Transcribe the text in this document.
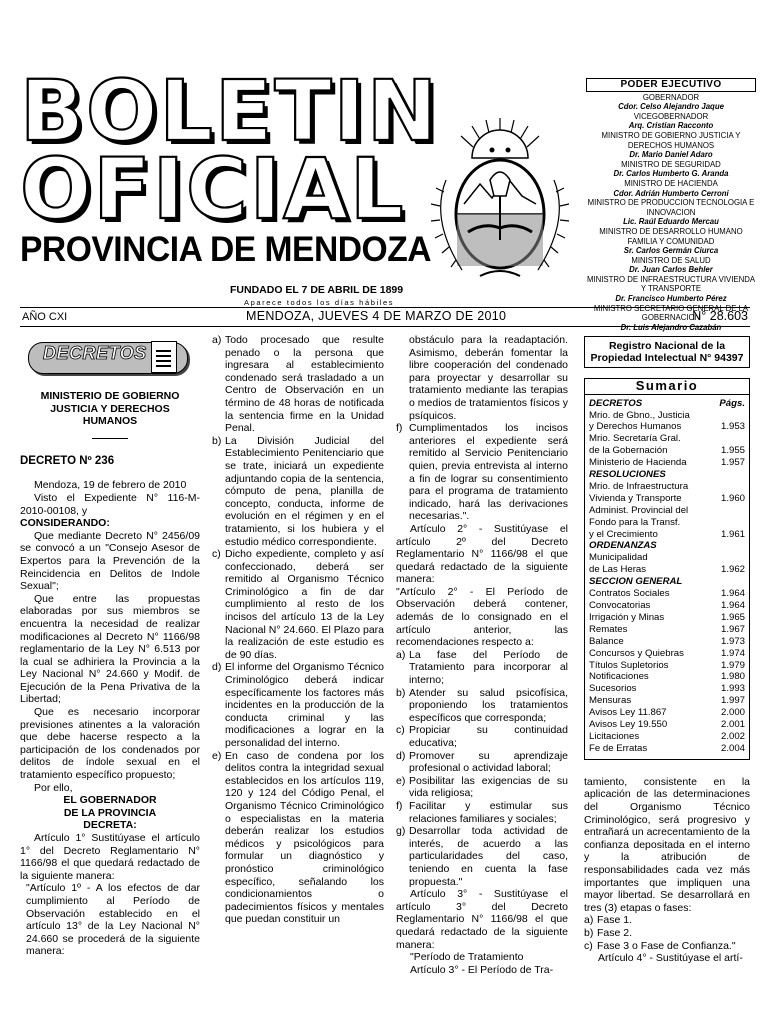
BOLETIN
OFICIAL
PROVINCIA DE MENDOZA
PODER EJECUTIVO
GOBERNADOR
Cdor. Celso Alejandro Jaque
VICEGOBERNADOR
Arq. Cristian Racconto
MINISTRO DE GOBIERNO JUSTICIA Y DERECHOS HUMANOS
Dr. Mario Daniel Adaro
MINISTRO DE SEGURIDAD
Dr. Carlos Humberto G. Aranda
MINISTRO DE HACIENDA
Cdor. Adrián Humberto Cerroni
MINISTRO DE PRODUCCION TECNOLOGIA E INNOVACION
Lic. Raúl Eduardo Mercau
MINISTRO DE DESARROLLO HUMANO FAMILIA Y COMUNIDAD
Sr. Carlos Germán Ciurca
MINISTRO DE SALUD
Dr. Juan Carlos Behler
MINISTRO DE INFRAESTRUCTURA VIVIENDA Y TRANSPORTE
Dr. Francisco Humberto Pérez
MINISTRO SECRETARIO GENERAL DE LA GOBERNACION
Dr. Luis Alejandro Cazabán
FUNDADO EL 7 DE ABRIL DE 1899
Aparece todos los días hábiles
AÑO CXI	MENDOZA, JUEVES 4 DE MARZO DE 2010	N° 28.603
DECRETOS

MINISTERIO DE GOBIERNO JUSTICIA Y DERECHOS HUMANOS

DECRETO Nº 236

Mendoza, 19 de febrero de 2010

Visto el Expediente N° 116-M-2010-00108, y

CONSIDERANDO:

Que mediante Decreto N° 2456/09 se convocó a un "Consejo Asesor de Expertos para la Prevención de la Reincidencia en Delitos de Indole Sexual";

Que entre las propuestas elaboradas por sus miembros se encuentra la necesidad de realizar modificaciones al Decreto N° 1166/98 reglamentario de la Ley N° 6.513 por la cual se adhiriera la Provincia a la Ley Nacional N° 24.660 y Modif. de Ejecución de la Pena Privativa de la Libertad;

Que es necesario incorporar previsiones atinentes a la valoración que debe hacerse respecto a la participación de los condenados por delitos de índole sexual en el tratamiento específico propuesto;

Por ello,

EL GOBERNADOR

DE LA PROVINCIA

DECRETA:

Artículo 1° Sustitúyase el artículo 1° del Decreto Reglamentario N° 1166/98 el que quedará redactado de la siguiente manera:

"Artículo 1º - A los efectos de dar cumplimiento al Período de Observación establecido en el artículo 13° de la Ley Nacional N° 24.660 se procederá de la siguiente manera:

a) Todo procesado que resulte penado o la persona que ingresara al establecimiento condenado será trasladado a un Centro de Observación en un término de 48 horas de notificada la sentencia firme en la Unidad Penal.
b) La División Judicial del Establecimiento Penitenciario que se trate, iniciará un expediente adjuntando copia de la sentencia, cómputo de pena, planilla de concepto, conducta, informe de evolución en el régimen y en el tratamiento, si los hubiera y el estudio médico correspondiente.
c) Dicho expediente, completo y así confeccionado, deberá ser remitido al Organismo Técnico Criminológico a fin de dar cumplimiento al resto de los incisos del artículo 13 de la Ley Nacional N° 24.660. El Plazo para la realización de este estudio es de 90 días.
d) El informe del Organismo Técnico Criminológico deberá indicar específicamente los factores más incidentes en la producción de la conducta criminal y las modificaciones a lograr en la personalidad del interno.
e) En caso de condena por los delitos contra la integridad sexual establecidos en los artículos 119, 120 y 124 del Código Penal, el Organismo Técnico Criminológico o especialistas en la materia deberán realizar los estudios médicos y psicológicos para formular un diagnóstico y pronóstico criminológico específico, señalando los condicionamientos o padecimientos físicos y mentales que puedan constituir un

obstáculo para la readaptación. Asimismo, deberán fomentar la libre cooperación del condenado para proyectar y desarrollar su tratamiento mediante las terapias o medios de tratamientos físicos y psíquicos.

f) Cumplimentados los incisos anteriores el expediente será remitido al Servicio Penitenciario quien, previa entrevista al interno a fin de lograr su consentimiento para el programa de tratamiento indicado, hará las derivaciones necesarias.".

Artículo 2° - Sustitúyase el artículo 2º del Decreto Reglamentario N° 1166/98 el que quedará redactado de la siguiente manera:

"Artículo 2° - El Período de Observación deberá contener, además de lo consignado en el artículo anterior, las recomendaciones respecto a:

a) La fase del Período de Tratamiento para incorporar al interno;
b) Atender su salud psicofísica, proponiendo los tratamientos específicos que corresponda;
c) Propiciar su continuidad educativa;
d) Promover su aprendizaje profesional o actividad laboral;
e) Posibilitar las exigencias de su vida religiosa;
f) Facilitar y estimular sus relaciones familiares y sociales;
g) Desarrollar toda actividad de interés, de acuerdo a las particularidades del caso, teniendo en cuenta la fase propuesta."

Artículo 3° - Sustitúyase el artículo 3° del Decreto Reglamentario N° 1166/98 el que quedará redactado de la siguiente manera:

"Período de Tratamiento

Artículo 3° - El Período de Tra-

Registro Nacional de la Propiedad Intelectual N° 94397
Sumario
DECRETOS	Págs.
Mrio. de Gbno., Justicia
y Derechos Humanos	1.953
Mrio. Secretaría Gral.
de la Gobernación	1.955
Ministerio de Hacienda	1.957
RESOLUCIONES
Mrio. de Infraestructura
Vivienda y Transporte	1.960
Administ. Provincial del
Fondo para la Transf.
y el Crecimiento	1.961
ORDENANZAS
Municipalidad
de Las Heras	1.962
SECCION GENERAL
Contratos Sociales	1.964
Convocatorias	1.964
Irrigación y Minas	1.965
Remates	1.967
Balance	1.973
Concursos y Quiebras	1.974
Títulos Supletorios	1.979
Notificaciones	1.980
Sucesorios	1.993
Mensuras	1.997
Avisos Ley 11.867	2.000
Avisos Ley 19.550	2.001
Licitaciones	2.002
Fe de Erratas	2.004

tamiento, consistente en la aplicación de las determinaciones del Organismo Técnico Criminológico, será progresivo y entrañará un acrecentamiento de la confianza depositada en el interno y la atribución de responsabilidades cada vez más importantes que impliquen una mayor libertad. Se desarrollará en tres (3) etapas o fases:

a) Fase 1.
b) Fase 2.
c) Fase 3 o Fase de Confianza."

Artículo 4° - Sustitúyase el artí-
